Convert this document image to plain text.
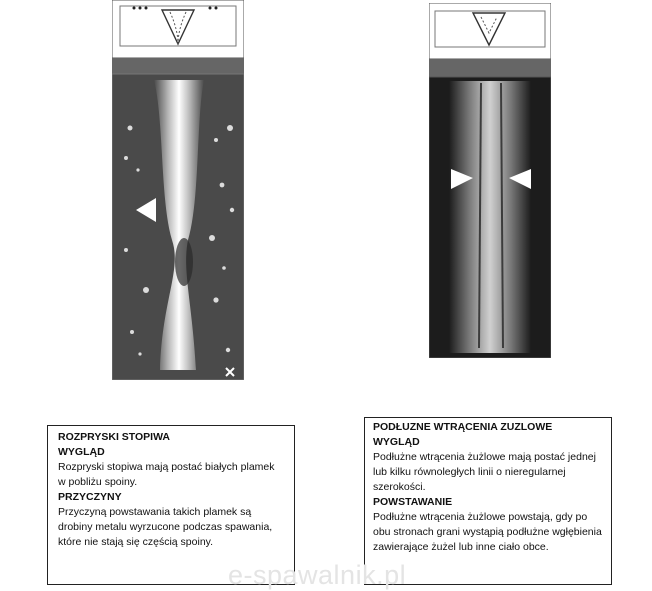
ROZPRYSKI STOPIWA
WYGLĄD
Rozpryski stopiwa mają postać białych plamek w pobliżu spoiny.
PRZYCZYNY
Przyczyną powstawania takich plamek są drobiny metalu wyrzucone podczas spawania, które nie stają się częścią spoiny.
PODŁUZNE WTRĄCENIA ZUZLOWE
WYGLĄD
Podłużne wtrącenia żużlowe mają postać jednej lub kilku równoległych linii o nieregularnej szerokości.
POWSTAWANIE
Podłużne wtrącenia żużlowe powstają, gdy po obu stronach grani wystąpią podłużne wgłębienia zawierające żużel lub inne ciało obce.
e-spawalnik.pl
